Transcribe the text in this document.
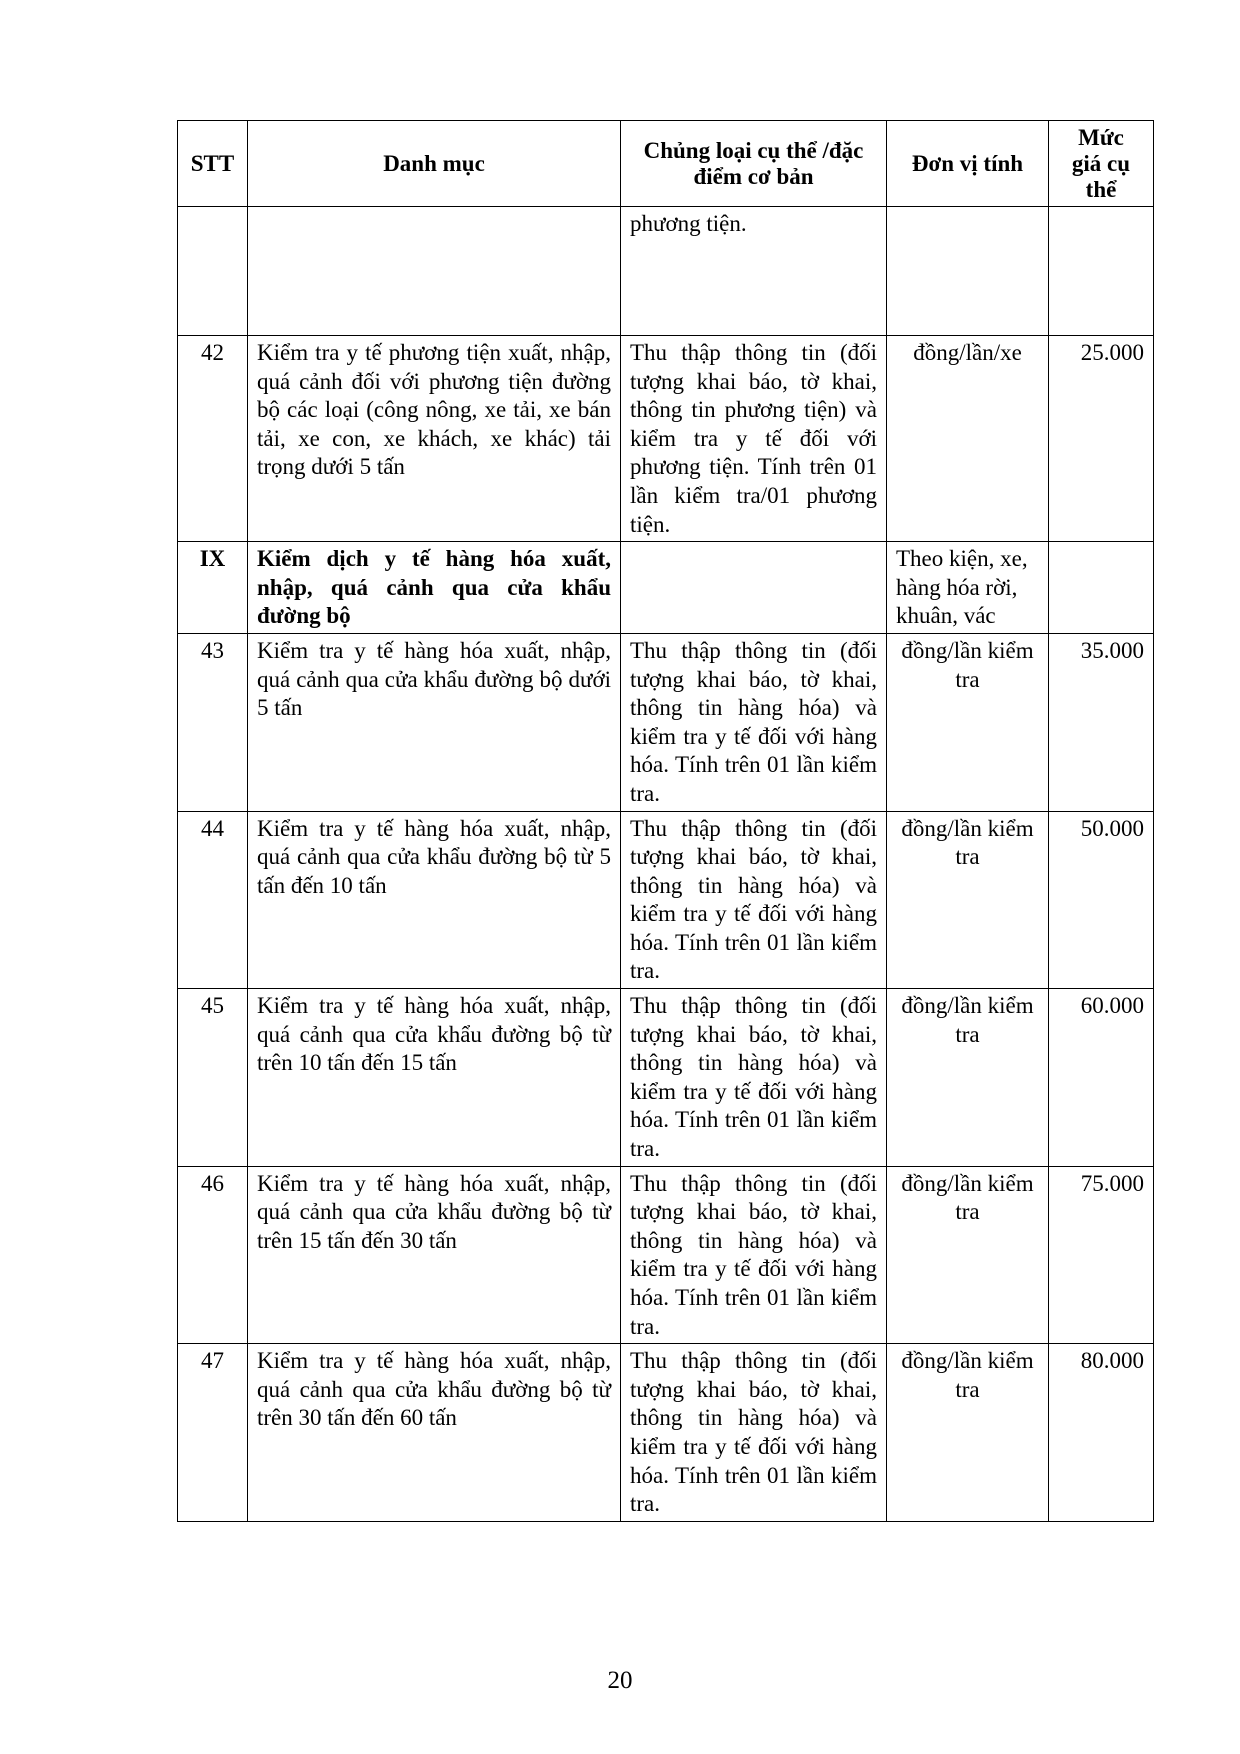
STT	Danh mục	Chủng loại cụ thể /đặc điểm cơ bản	Đơn vị tính	Mức giá cụ thể
		phương tiện.		
42	Kiểm tra y tế phương tiện xuất, nhập, quá cảnh đối với phương tiện đường bộ các loại (công nông, xe tải, xe bán tải, xe con, xe khách, xe khác) tải trọng dưới 5 tấn	Thu thập thông tin (đối tượng khai báo, tờ khai, thông tin phương tiện) và kiểm tra y tế đối với phương tiện. Tính trên 01 lần kiểm tra/01 phương tiện.	đồng/lần/xe	25.000
IX	Kiểm dịch y tế hàng hóa xuất, nhập, quá cảnh qua cửa khẩu đường bộ		Theo kiện, xe, hàng hóa rời, khuân, vác	
43	Kiểm tra y tế hàng hóa xuất, nhập, quá cảnh qua cửa khẩu đường bộ dưới 5 tấn	Thu thập thông tin (đối tượng khai báo, tờ khai, thông tin hàng hóa) và kiểm tra y tế đối với hàng hóa. Tính trên 01 lần kiểm tra.	đồng/lần kiểm tra	35.000
44	Kiểm tra y tế hàng hóa xuất, nhập, quá cảnh qua cửa khẩu đường bộ từ 5 tấn đến 10 tấn	Thu thập thông tin (đối tượng khai báo, tờ khai, thông tin hàng hóa) và kiểm tra y tế đối với hàng hóa. Tính trên 01 lần kiểm tra.	đồng/lần kiểm tra	50.000
45	Kiểm tra y tế hàng hóa xuất, nhập, quá cảnh qua cửa khẩu đường bộ từ trên 10 tấn đến 15 tấn	Thu thập thông tin (đối tượng khai báo, tờ khai, thông tin hàng hóa) và kiểm tra y tế đối với hàng hóa. Tính trên 01 lần kiểm tra.	đồng/lần kiểm tra	60.000
46	Kiểm tra y tế hàng hóa xuất, nhập, quá cảnh qua cửa khẩu đường bộ từ trên 15 tấn đến 30 tấn	Thu thập thông tin (đối tượng khai báo, tờ khai, thông tin hàng hóa) và kiểm tra y tế đối với hàng hóa. Tính trên 01 lần kiểm tra.	đồng/lần kiểm tra	75.000
47	Kiểm tra y tế hàng hóa xuất, nhập, quá cảnh qua cửa khẩu đường bộ từ trên 30 tấn đến 60 tấn	Thu thập thông tin (đối tượng khai báo, tờ khai, thông tin hàng hóa) và kiểm tra y tế đối với hàng hóa. Tính trên 01 lần kiểm tra.	đồng/lần kiểm tra	80.000
20
